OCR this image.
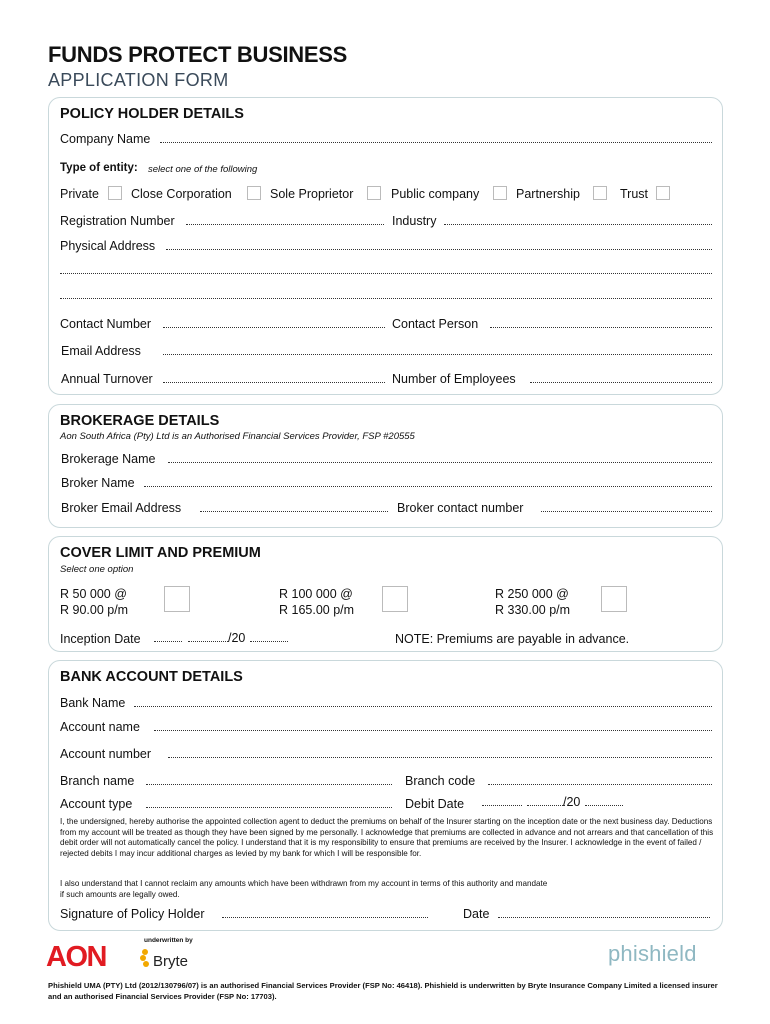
FUNDS PROTECT BUSINESS
APPLICATION FORM
POLICY HOLDER DETAILS
Company Name
Type of entity: select one of the following
Private	Close Corporation	Sole Proprietor	Public company	Partnership	Trust
Registration Number	Industry
Physical Address
Contact Number	Contact Person
Email Address
Annual Turnover	Number of Employees
BROKERAGE DETAILS
Aon South Africa (Pty) Ltd is an Authorised Financial Services Provider, FSP #20555
Brokerage Name
Broker Name
Broker Email Address	Broker contact number
COVER LIMIT AND PREMIUM
Select one option
R 50 000 @
R 90.00 p/m
R 100 000 @
R 165.00 p/m
R 250 000 @
R 330.00 p/m
Inception Date	/20	NOTE: Premiums are payable in advance.
BANK ACCOUNT DETAILS
Bank Name
Account name
Account number
Branch name	Branch code
Account type	Debit Date	/20
I, the undersigned, hereby authorise the appointed collection agent to deduct the premiums on behalf of the Insurer starting on the inception date or the next business day. Deductions from my account will be treated as though they have been signed by me personally. I acknowledge that premiums are collected in advance and not arrears and that cancellation of this debit order will not automatically cancel the policy. I understand that it is my responsibility to ensure that premiums are received by the Insurer. I acknowledge in the event of failed / rejected debits I may incur additional charges as levied by my bank for which I will be responsible for.
I also understand that I cannot reclaim any amounts which have been withdrawn from my account in terms of this authority and mandate if such amounts are legally owed.
Signature of Policy Holder	Date
AON
underwritten by
Bryte	phishield
Phishield UMA (PTY) Ltd (2012/130796/07) is an authorised Financial Services Provider (FSP No: 46418). Phishield is underwritten by Bryte Insurance Company Limited a licensed insurer and an authorised Financial Services Provider (FSP No: 17703).
